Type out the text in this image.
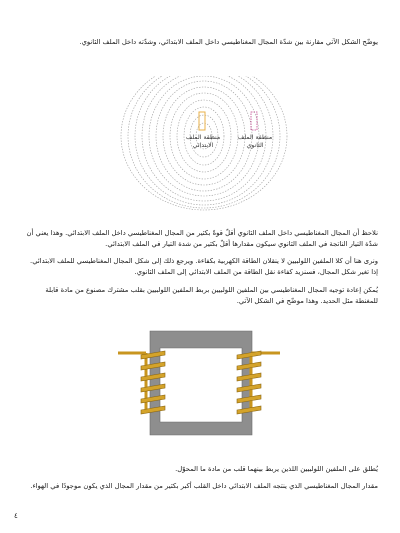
يوضّح الشكل الآتي مقارنة بين شدّة المجال المغناطيسي داخل الملف الابتدائي، وشدّته داخل الملف الثانوي.

منطقة الملف الابتدائي
منطقة الملف الثانوي

نلاحظ أن المجال المغناطيسي داخل الملف الثانوي أقلّ قوةً بكثير من المجال المغناطيسي داخل الملف الابتدائي. وهذا يعني أن شدّة التيار الناتجة في الملف الثانوي سيكون مقدارها أقلّ بكثير من شدة التيار في الملف الابتدائي.

ونرى هنا أن كلا الملفين اللولبيين لا ينقلان الطاقة الكهربية بكفاءة. ويرجع ذلك إلى شكل المجال المغناطيسي للملف الابتدائي. إذا تغير شكل المجال، فسنزيد كفاءة نقل الطاقة من الملف الابتدائي إلى الملف الثانوي.

يُمكن إعادة توجيه المجال المغناطيسي بين الملفين اللولبيين بربط الملفين اللولبيين بقلب مشترك مصنوع من مادة قابلة للمغنطة مثل الحديد. وهذا موضّح في الشكل الآتي.

يُطلق على الملفين اللولبيين اللذين يربط بينهما قلب من مادة ما المحوّل.

مقدار المجال المغناطيسي الذي ينتجه الملف الابتدائي داخل القلب أكبر بكثير من مقدار المجال الذي يكون موجودًا في الهواء.

٤
